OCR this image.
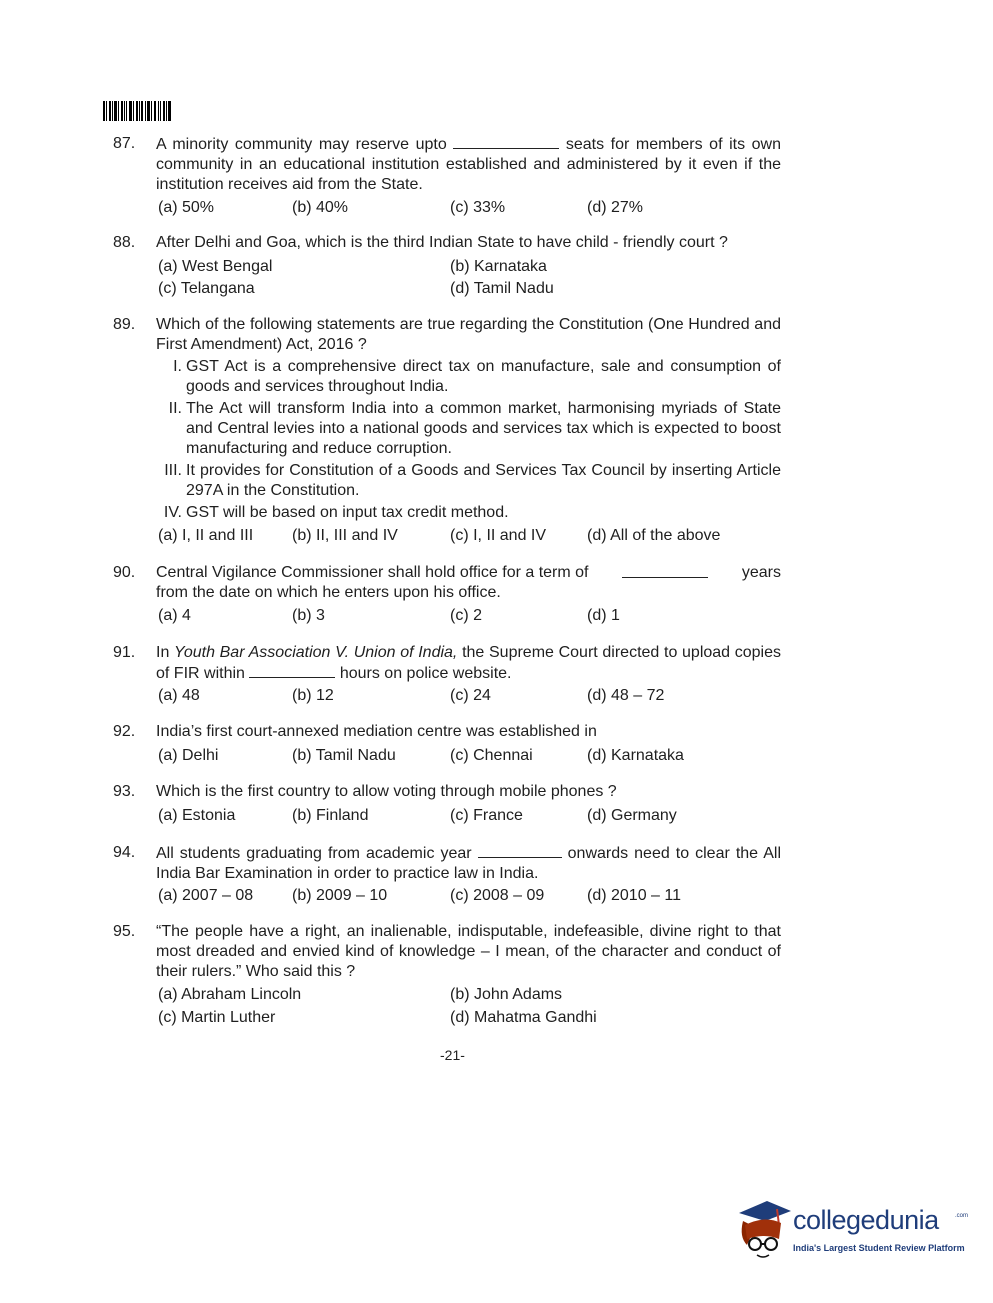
87. A minority community may reserve upto	seats for members of its own community in an educational institution established and administered by it even if the institution receives aid from the State.
(a) 50%	(b) 40%	(c) 33%	(d) 27%
88. After Delhi and Goa, which is the third Indian State to have child - friendly court ?
(a) West Bengal	(b) Karnataka
(c) Telangana	(d) Tamil Nadu
89. Which of the following statements are true regarding the Constitution (One Hundred and First Amendment) Act, 2016 ?
I. GST Act is a comprehensive direct tax on manufacture, sale and consumption of goods and services throughout India.
II. The Act will transform India into a common market, harmonising myriads of State and Central levies into a national goods and services tax which is expected to boost manufacturing and reduce corruption.
III. It provides for Constitution of a Goods and Services Tax Council by inserting Article 297A in the Constitution.
IV. GST will be based on input tax credit method.
(a) I, II and III (b) II, III and IV	(c) I, II and IV	(d) All of the above
90. Central Vigilance Commissioner shall hold office for a term of	years
from the date on which he enters upon his office.
(a) 4	(b) 3	(c) 2	(d) 1
91. In Youth Bar Association V. Union of India, the Supreme Court directed to upload copies of FIR within	hours on police website.
(a) 48	(b) 12	(c) 24	(d) 48 – 72
92. India’s first court-annexed mediation centre was established in
(a) Delhi	(b) Tamil Nadu	(c) Chennai	(d) Karnataka
93. Which is the first country to allow voting through mobile phones ?
(a) Estonia	(b) Finland	(c) France	(d) Germany
94. All students graduating from academic year	onwards need to clear the All India Bar Examination in order to practice law in India.
(a) 2007 – 08 (b) 2009 – 10	(c) 2008 – 09	(d) 2010 – 11
95. “The people have a right, an inalienable, indisputable, indefeasible, divine right to that most dreaded and envied kind of knowledge – I mean, of the character and conduct of their rulers.” Who said this ?
(a) Abraham Lincoln	(b) John Adams
(c) Martin Luther	(d) Mahatma Gandhi
-21-
collegedunia	.com
India's Largest Student Review Platform
